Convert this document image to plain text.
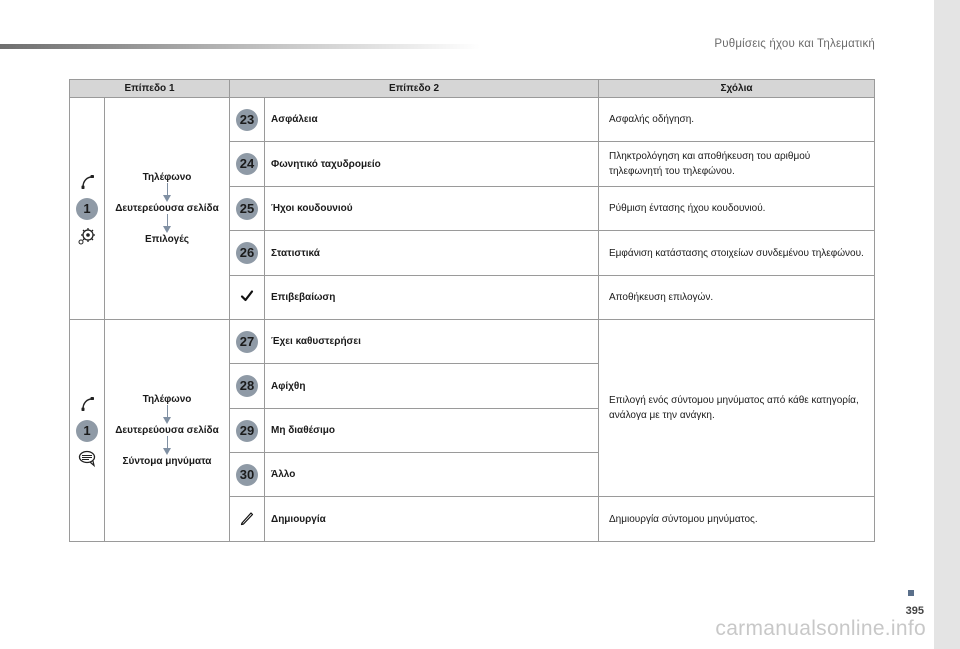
Ρυθμίσεις ήχου και Τηλεματική
Επίπεδο 1		Επίπεδο 2		Σχόλια

1	Τηλέφωνο
Δευτερεύουσα σελίδα
Επιλογές	23	Ασφάλεια	Ασφαλής οδήγηση.
		24	Φωνητικό ταχυδρομείο	Πληκτρολόγηση και αποθήκευση του αριθμού τηλεφωνητή του τηλεφώνου.
		25	Ήχοι κουδουνιού	Ρύθμιση έντασης ήχου κουδουνιού.
		26	Στατιστικά	Εμφάνιση κατάστασης στοιχείων συνδεμένου τηλεφώνου.
	Επιβεβαίωση	Αποθήκευση επιλογών.

1	Τηλέφωνο
Δευτερεύουσα σελίδα
Σύντομα μηνύματα	27	Έχει καθυστερήσει	Επιλογή ενός σύντομου μηνύματος από κάθε κατηγορία, ανάλογα με την ανάγκη.
		28	Αφίχθη	
		29	Μη διαθέσιμο	
		30	Άλλο	
	Δημιουργία	Δημιουργία σύντομου μηνύματος.
395
carmanualsonline.info
